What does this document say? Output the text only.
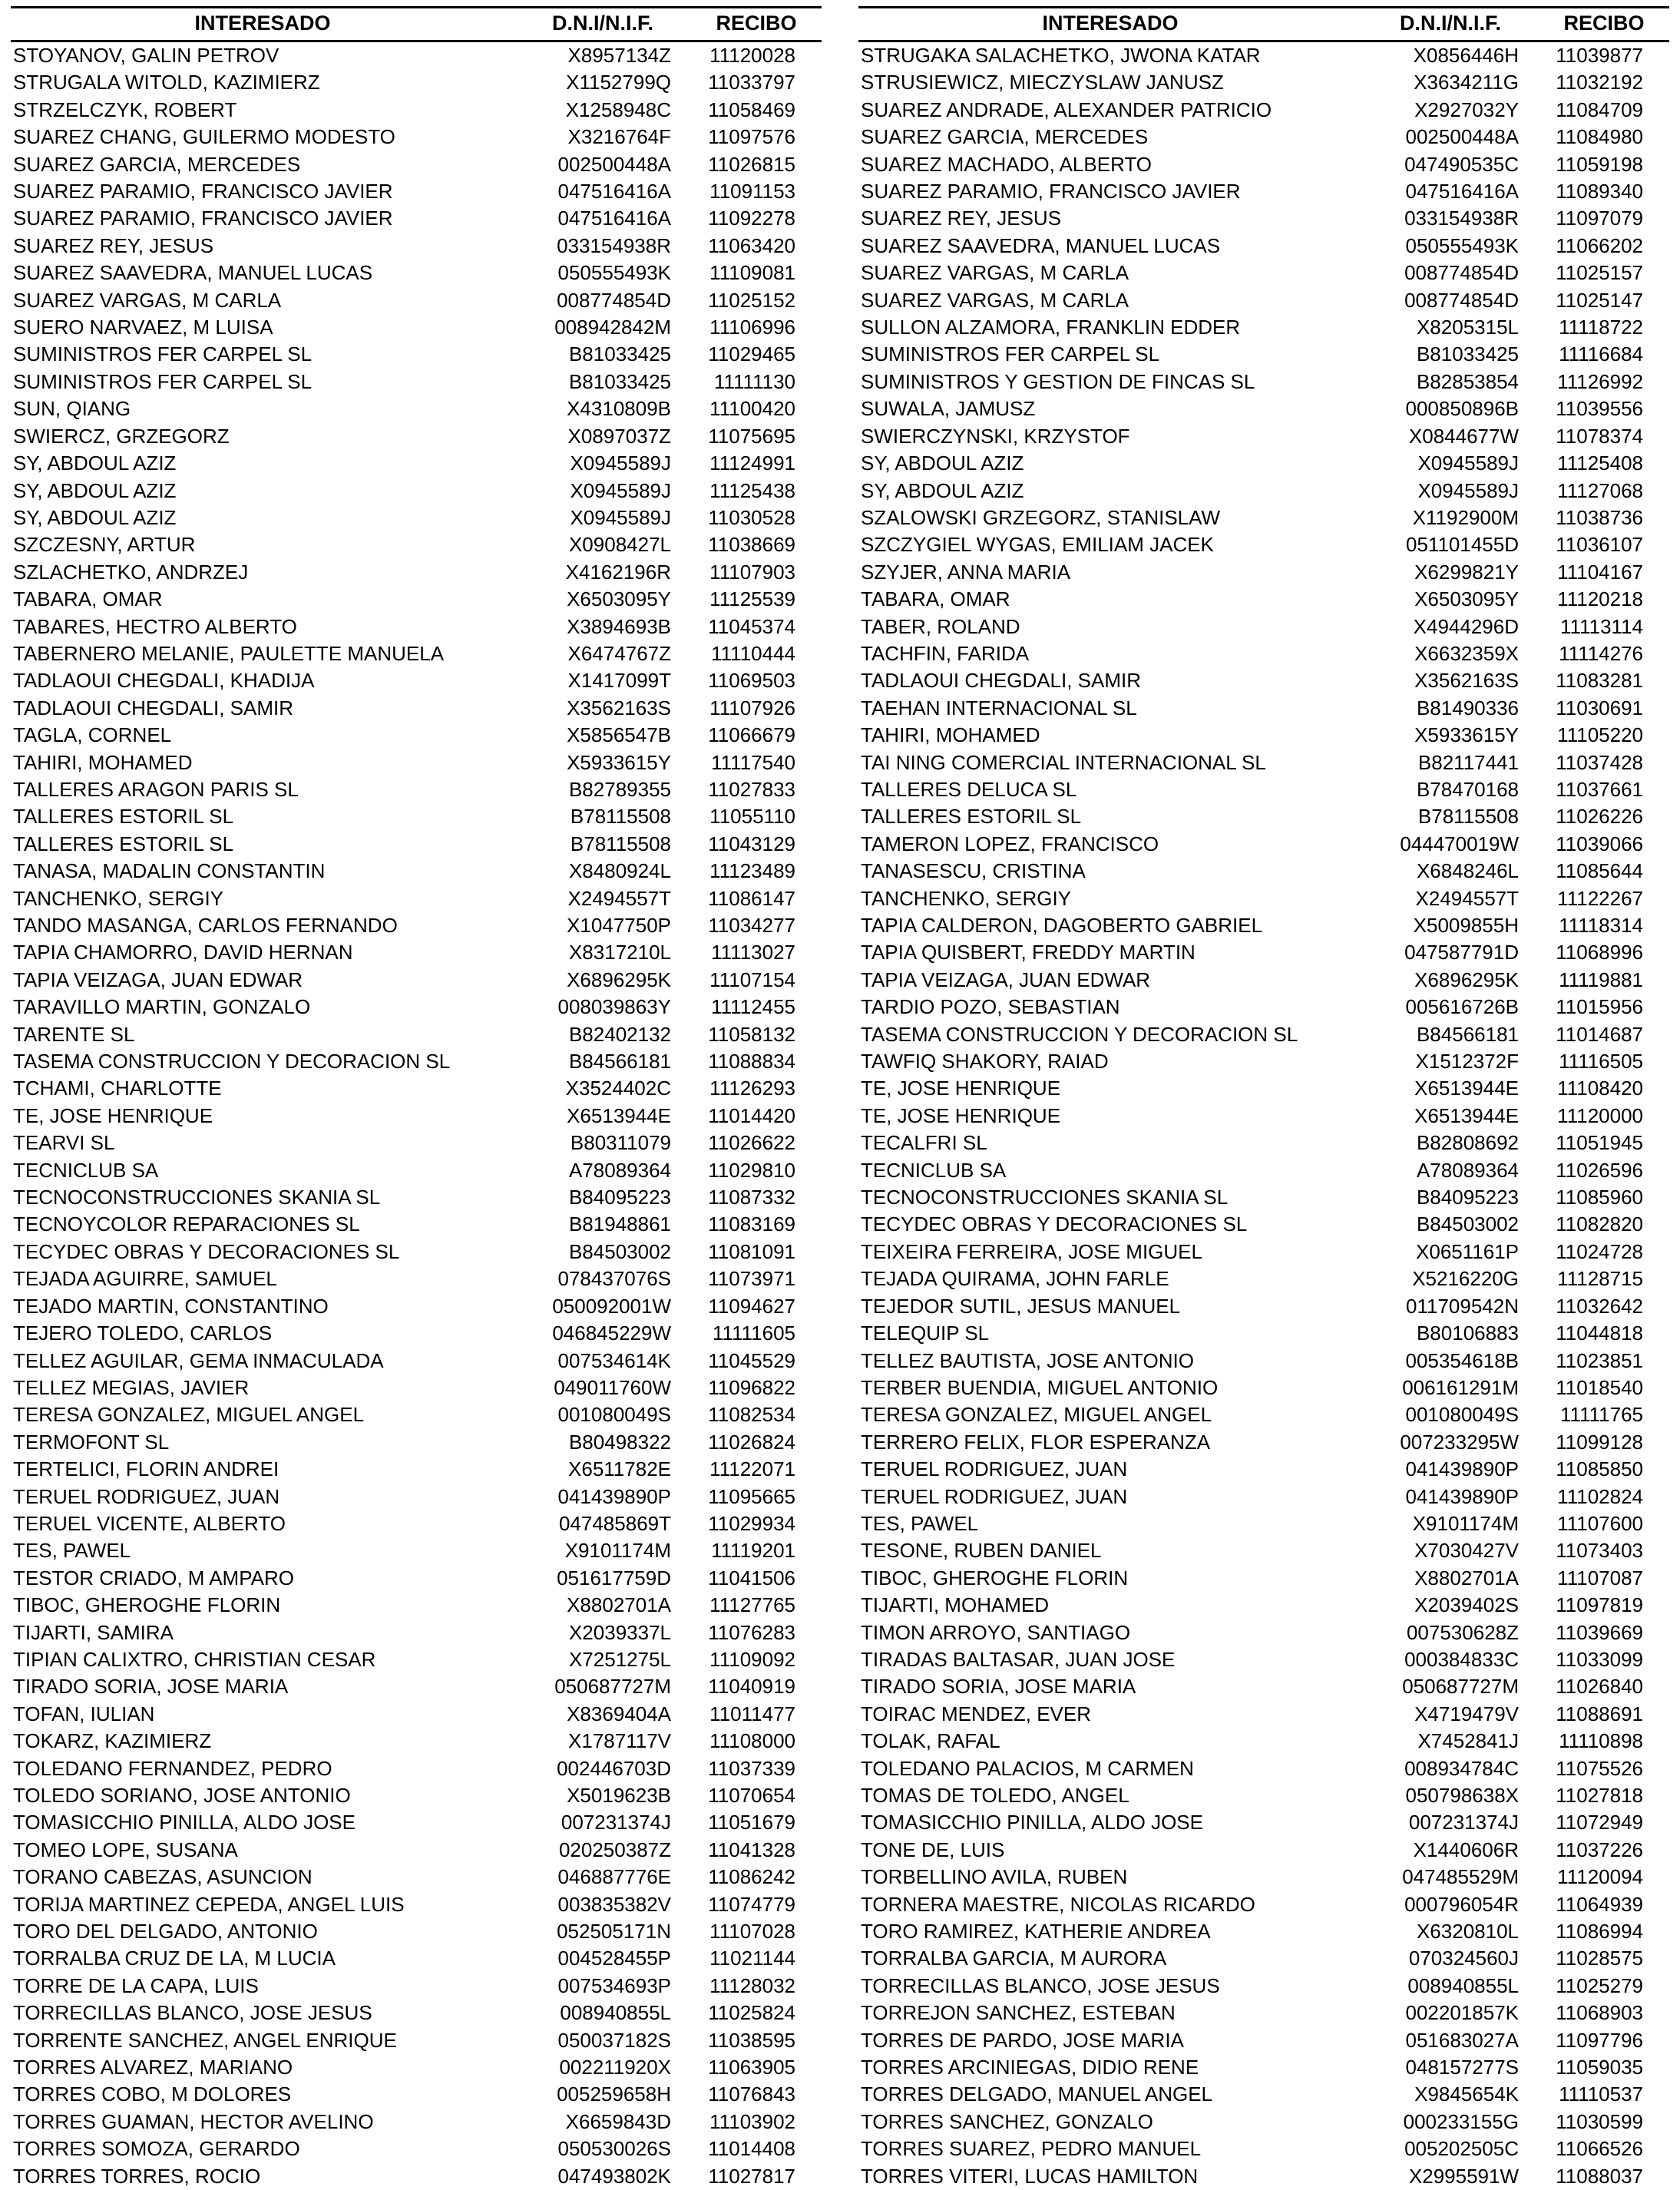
INTERESADO	D.N.I/N.I.F.	RECIBO
STOYANOV, GALIN PETROV	X8957134Z	11120028
STRUGALA WITOLD, KAZIMIERZ	X1152799Q	11033797
STRZELCZYK, ROBERT	X1258948C	11058469
SUAREZ CHANG, GUILERMO MODESTO	X3216764F	11097576
SUAREZ GARCIA, MERCEDES	002500448A	11026815
SUAREZ PARAMIO, FRANCISCO JAVIER	047516416A	11091153
SUAREZ PARAMIO, FRANCISCO JAVIER	047516416A	11092278
SUAREZ REY, JESUS	033154938R	11063420
SUAREZ SAAVEDRA, MANUEL LUCAS	050555493K	11109081
SUAREZ VARGAS, M CARLA	008774854D	11025152
SUERO NARVAEZ, M LUISA	008942842M	11106996
SUMINISTROS FER CARPEL SL	B81033425	11029465
SUMINISTROS FER CARPEL SL	B81033425	11111130
SUN, QIANG	X4310809B	11100420
SWIERCZ, GRZEGORZ	X0897037Z	11075695
SY, ABDOUL AZIZ	X0945589J	11124991
SY, ABDOUL AZIZ	X0945589J	11125438
SY, ABDOUL AZIZ	X0945589J	11030528
SZCZESNY, ARTUR	X0908427L	11038669
SZLACHETKO, ANDRZEJ	X4162196R	11107903
TABARA, OMAR	X6503095Y	11125539
TABARES, HECTRO ALBERTO	X3894693B	11045374
TABERNERO MELANIE, PAULETTE MANUELA	X6474767Z	11110444
TADLAOUI CHEGDALI, KHADIJA	X1417099T	11069503
TADLAOUI CHEGDALI, SAMIR	X3562163S	11107926
TAGLA, CORNEL	X5856547B	11066679
TAHIRI, MOHAMED	X5933615Y	11117540
TALLERES ARAGON PARIS SL	B82789355	11027833
TALLERES ESTORIL SL	B78115508	11055110
TALLERES ESTORIL SL	B78115508	11043129
TANASA, MADALIN CONSTANTIN	X8480924L	11123489
TANCHENKO, SERGIY	X2494557T	11086147
TANDO MASANGA, CARLOS FERNANDO	X1047750P	11034277
TAPIA CHAMORRO, DAVID HERNAN	X8317210L	11113027
TAPIA VEIZAGA, JUAN EDWAR	X6896295K	11107154
TARAVILLO MARTIN, GONZALO	008039863Y	11112455
TARENTE SL	B82402132	11058132
TASEMA CONSTRUCCION Y DECORACION SL	B84566181	11088834
TCHAMI, CHARLOTTE	X3524402C	11126293
TE, JOSE HENRIQUE	X6513944E	11014420
TEARVI SL	B80311079	11026622
TECNICLUB SA	A78089364	11029810
TECNOCONSTRUCCIONES SKANIA SL	B84095223	11087332
TECNOYCOLOR REPARACIONES SL	B81948861	11083169
TECYDEC OBRAS Y DECORACIONES SL	B84503002	11081091
TEJADA AGUIRRE, SAMUEL	078437076S	11073971
TEJADO MARTIN, CONSTANTINO	050092001W	11094627
TEJERO TOLEDO, CARLOS	046845229W	11111605
TELLEZ AGUILAR, GEMA INMACULADA	007534614K	11045529
TELLEZ MEGIAS, JAVIER	049011760W	11096822
TERESA GONZALEZ, MIGUEL ANGEL	001080049S	11082534
TERMOFONT SL	B80498322	11026824
TERTELICI, FLORIN ANDREI	X6511782E	11122071
TERUEL RODRIGUEZ, JUAN	041439890P	11095665
TERUEL VICENTE, ALBERTO	047485869T	11029934
TES, PAWEL	X9101174M	11119201
TESTOR CRIADO, M AMPARO	051617759D	11041506
TIBOC, GHEROGHE FLORIN	X8802701A	11127765
TIJARTI, SAMIRA	X2039337L	11076283
TIPIAN CALIXTRO, CHRISTIAN CESAR	X7251275L	11109092
TIRADO SORIA, JOSE MARIA	050687727M	11040919
TOFAN, IULIAN	X8369404A	11011477
TOKARZ, KAZIMIERZ	X1787117V	11108000
TOLEDANO FERNANDEZ, PEDRO	002446703D	11037339
TOLEDO SORIANO, JOSE ANTONIO	X5019623B	11070654
TOMASICCHIO PINILLA, ALDO JOSE	007231374J	11051679
TOMEO LOPE, SUSANA	020250387Z	11041328
TORANO CABEZAS, ASUNCION	046887776E	11086242
TORIJA MARTINEZ CEPEDA, ANGEL LUIS	003835382V	11074779
TORO DEL DELGADO, ANTONIO	052505171N	11107028
TORRALBA CRUZ DE LA, M LUCIA	004528455P	11021144
TORRE DE LA CAPA, LUIS	007534693P	11128032
TORRECILLAS BLANCO, JOSE JESUS	008940855L	11025824
TORRENTE SANCHEZ, ANGEL ENRIQUE	050037182S	11038595
TORRES ALVAREZ, MARIANO	002211920X	11063905
TORRES COBO, M DOLORES	005259658H	11076843
TORRES GUAMAN, HECTOR AVELINO	X6659843D	11103902
TORRES SOMOZA, GERARDO	050530026S	11014408
TORRES TORRES, ROCIO	047493802K	11027817
INTERESADO	D.N.I/N.I.F.	RECIBO
STRUGAKA SALACHETKO, JWONA KATAR	X0856446H	11039877
STRUSIEWICZ, MIECZYSLAW JANUSZ	X3634211G	11032192
SUAREZ ANDRADE, ALEXANDER PATRICIO	X2927032Y	11084709
SUAREZ GARCIA, MERCEDES	002500448A	11084980
SUAREZ MACHADO, ALBERTO	047490535C	11059198
SUAREZ PARAMIO, FRANCISCO JAVIER	047516416A	11089340
SUAREZ REY, JESUS	033154938R	11097079
SUAREZ SAAVEDRA, MANUEL LUCAS	050555493K	11066202
SUAREZ VARGAS, M CARLA	008774854D	11025157
SUAREZ VARGAS, M CARLA	008774854D	11025147
SULLON ALZAMORA, FRANKLIN EDDER	X8205315L	11118722
SUMINISTROS FER CARPEL SL	B81033425	11116684
SUMINISTROS Y GESTION DE FINCAS SL	B82853854	11126992
SUWALA, JAMUSZ	000850896B	11039556
SWIERCZYNSKI, KRZYSTOF	X0844677W	11078374
SY, ABDOUL AZIZ	X0945589J	11125408
SY, ABDOUL AZIZ	X0945589J	11127068
SZALOWSKI GRZEGORZ, STANISLAW	X1192900M	11038736
SZCZYGIEL WYGAS, EMILIAM JACEK	051101455D	11036107
SZYJER, ANNA MARIA	X6299821Y	11104167
TABARA, OMAR	X6503095Y	11120218
TABER, ROLAND	X4944296D	11113114
TACHFIN, FARIDA	X6632359X	11114276
TADLAOUI CHEGDALI, SAMIR	X3562163S	11083281
TAEHAN INTERNACIONAL SL	B81490336	11030691
TAHIRI, MOHAMED	X5933615Y	11105220
TAI NING COMERCIAL INTERNACIONAL SL	B82117441	11037428
TALLERES DELUCA SL	B78470168	11037661
TALLERES ESTORIL SL	B78115508	11026226
TAMERON LOPEZ, FRANCISCO	044470019W	11039066
TANASESCU, CRISTINA	X6848246L	11085644
TANCHENKO, SERGIY	X2494557T	11122267
TAPIA CALDERON, DAGOBERTO GABRIEL	X5009855H	11118314
TAPIA QUISBERT, FREDDY MARTIN	047587791D	11068996
TAPIA VEIZAGA, JUAN EDWAR	X6896295K	11119881
TARDIO POZO, SEBASTIAN	005616726B	11015956
TASEMA CONSTRUCCION Y DECORACION SL	B84566181	11014687
TAWFIQ SHAKORY, RAIAD	X1512372F	11116505
TE, JOSE HENRIQUE	X6513944E	11108420
TE, JOSE HENRIQUE	X6513944E	11120000
TECALFRI SL	B82808692	11051945
TECNICLUB SA	A78089364	11026596
TECNOCONSTRUCCIONES SKANIA SL	B84095223	11085960
TECYDEC OBRAS Y DECORACIONES SL	B84503002	11082820
TEIXEIRA FERREIRA, JOSE MIGUEL	X0651161P	11024728
TEJADA QUIRAMA, JOHN FARLE	X5216220G	11128715
TEJEDOR SUTIL, JESUS MANUEL	011709542N	11032642
TELEQUIP SL	B80106883	11044818
TELLEZ BAUTISTA, JOSE ANTONIO	005354618B	11023851
TERBER BUENDIA, MIGUEL ANTONIO	006161291M	11018540
TERESA GONZALEZ, MIGUEL ANGEL	001080049S	11111765
TERRERO FELIX, FLOR ESPERANZA	007233295W	11099128
TERUEL RODRIGUEZ, JUAN	041439890P	11085850
TERUEL RODRIGUEZ, JUAN	041439890P	11102824
TES, PAWEL	X9101174M	11107600
TESONE, RUBEN DANIEL	X7030427V	11073403
TIBOC, GHEROGHE FLORIN	X8802701A	11107087
TIJARTI, MOHAMED	X2039402S	11097819
TIMON ARROYO, SANTIAGO	007530628Z	11039669
TIRADAS BALTASAR, JUAN JOSE	000384833C	11033099
TIRADO SORIA, JOSE MARIA	050687727M	11026840
TOIRAC MENDEZ, EVER	X4719479V	11088691
TOLAK, RAFAL	X7452841J	11110898
TOLEDANO PALACIOS, M CARMEN	008934784C	11075526
TOMAS DE TOLEDO, ANGEL	050798638X	11027818
TOMASICCHIO PINILLA, ALDO JOSE	007231374J	11072949
TONE DE, LUIS	X1440606R	11037226
TORBELLINO AVILA, RUBEN	047485529M	11120094
TORNERA MAESTRE, NICOLAS RICARDO	000796054R	11064939
TORO RAMIREZ, KATHERIE ANDREA	X6320810L	11086994
TORRALBA GARCIA, M AURORA	070324560J	11028575
TORRECILLAS BLANCO, JOSE JESUS	008940855L	11025279
TORREJON SANCHEZ, ESTEBAN	002201857K	11068903
TORRES DE PARDO, JOSE MARIA	051683027A	11097796
TORRES ARCINIEGAS, DIDIO RENE	048157277S	11059035
TORRES DELGADO, MANUEL ANGEL	X9845654K	11110537
TORRES SANCHEZ, GONZALO	000233155G	11030599
TORRES SUAREZ, PEDRO MANUEL	005202505C	11066526
TORRES VITERI, LUCAS HAMILTON	X2995591W	11088037
